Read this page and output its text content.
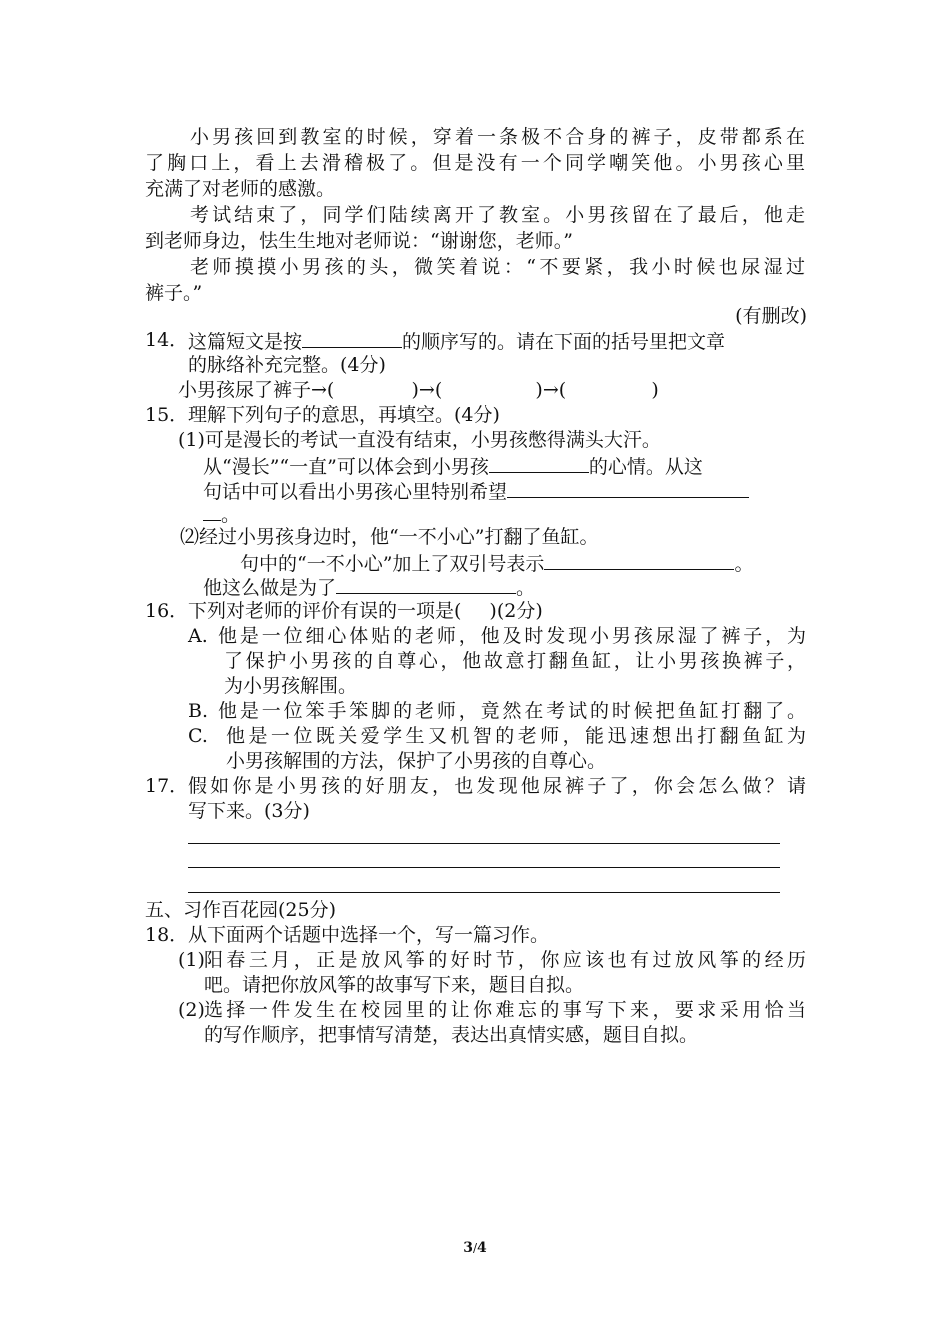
小男孩回到教室的时候，穿着一条极不合身的裤子，皮带都系在
了胸口上，看上去滑稽极了。但是没有一个同学嘲笑他。小男孩心里
充满了对老师的感激。
考试结束了，同学们陆续离开了教室。小男孩留在了最后，他走
到老师身边，怯生生地对老师说：“谢谢您，老师。”
老师摸摸小男孩的头，微笑着说：“不要紧，我小时候也尿湿过
裤子。”
(有删改)
14． 这篇短文是按	的顺序写的。请在下面的括号里把文章
的脉络补充完整。(4分)
小男孩尿了裤子→(	) →(	) →(	)
15． 理解下列句子的意思，再填空。(4分)
(1)可是漫长的考试一直没有结束，小男孩憋得满头大汗。
从“漫长”“一直”可以体会到小男孩	的心情。从这
句话中可以看出小男孩心里特别希望
。
⑵经过小男孩身边时，他“一不小心”打翻了鱼缸。
句中的“一不小心”加上了双引号表示	。
他这么做是为了	。
16． 下列对老师的评价有误的一项是( )(2分)
A. 他是一位细心体贴的老师，他及时发现小男孩尿湿了裤子，为
了保护小男孩的自尊心，他故意打翻鱼缸，让小男孩换裤子，
为小男孩解围。
B. 他是一位笨手笨脚的老师，竟然在考试的时候把鱼缸打翻了。
C. 他是一位既关爱学生又机智的老师，能迅速想出打翻鱼缸为
小男孩解围的方法，保护了小男孩的自尊心。
17． 假如你是小男孩的好朋友，也发现他尿裤子了，你会怎么做？请
写下来。(3分)
五、习作百花园(25分)
18． 从下面两个话题中选择一个，写一篇习作。
(1) 阳春三月，正是放风筝的好时节，你应该也有过放风筝的经历
吧。请把你放风筝的故事写下来，题目自拟。
(2) 选择一件发生在校园里的让你难忘的事写下来，要求采用恰当
的写作顺序，把事情写清楚，表达出真情实感，题目自拟。
3/4
